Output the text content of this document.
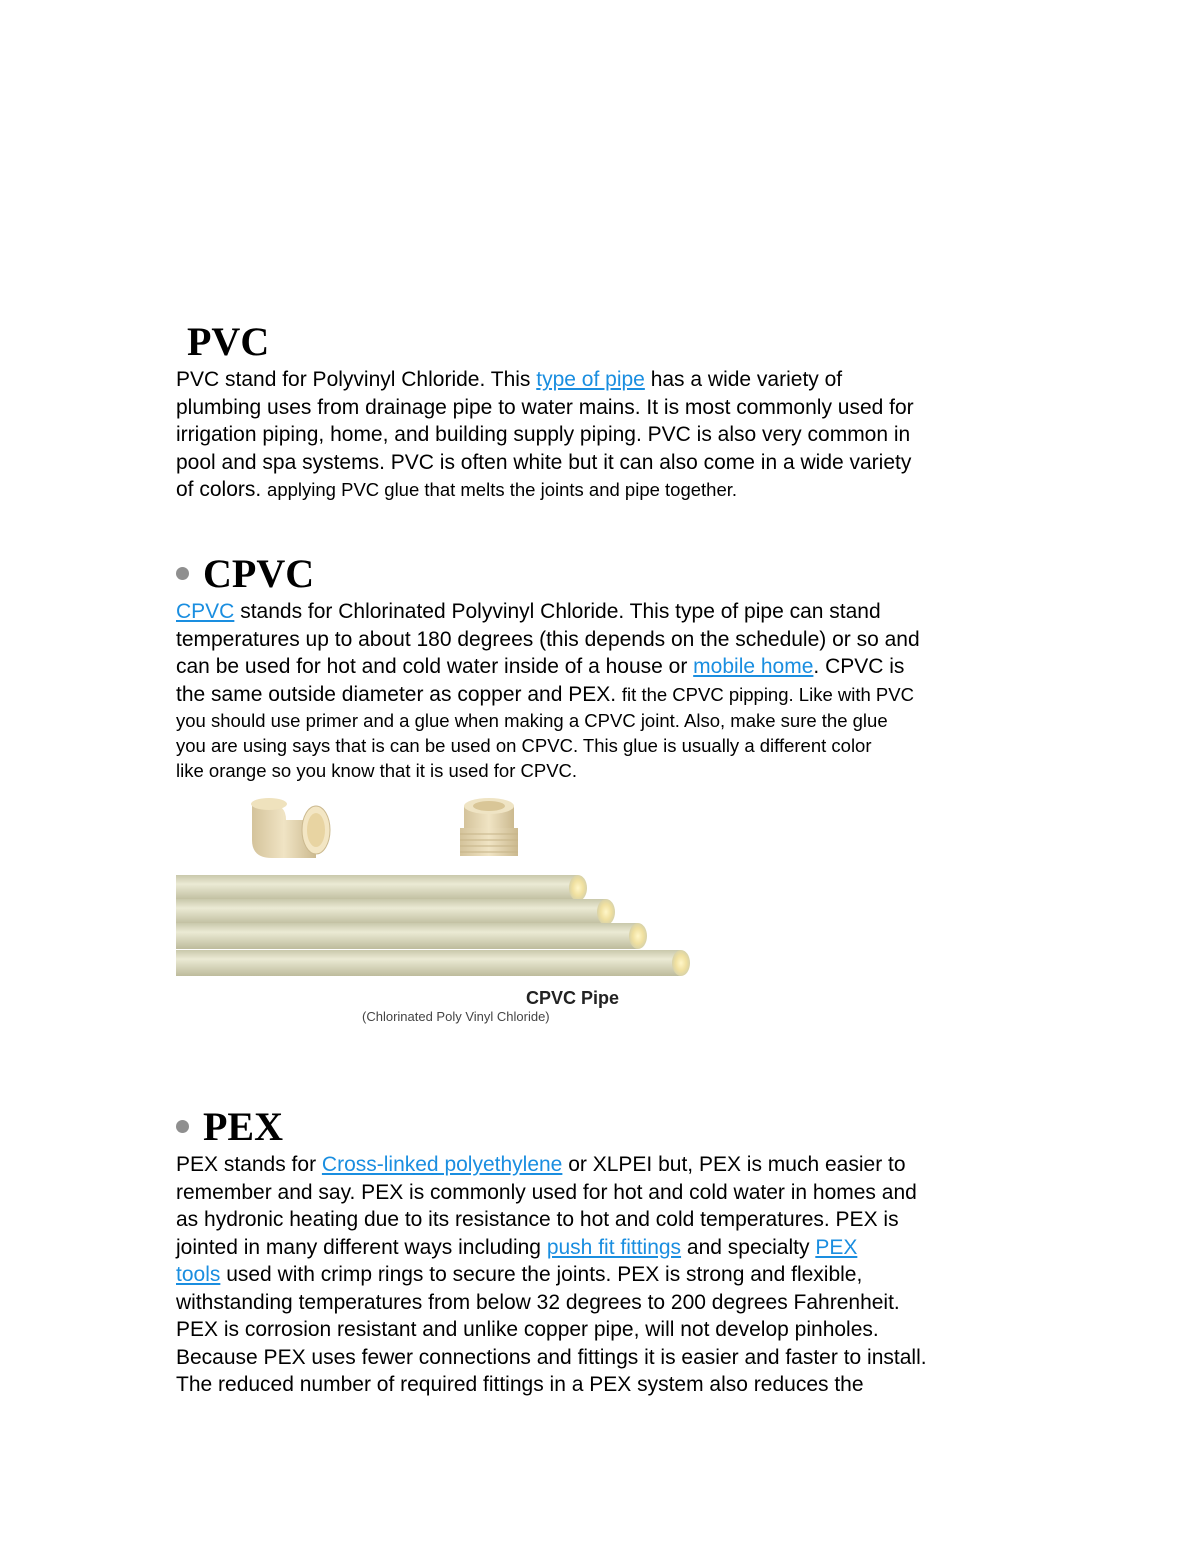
PVC
PVC stand for Polyvinyl Chloride. This type of pipe has a wide variety of
plumbing uses from drainage pipe to water mains. It is most commonly used for
irrigation piping, home, and building supply piping. PVC is also very common in
pool and spa systems. PVC is often white but it can also come in a wide variety
of colors. applying PVC glue that melts the joints and pipe together.
CPVC
CPVC stands for Chlorinated Polyvinyl Chloride. This type of pipe can stand
temperatures up to about 180 degrees (this depends on the schedule) or so and
can be used for hot and cold water inside of a house or mobile home. CPVC is
the same outside diameter as copper and PEX. fit the CPVC pipping. Like with PVC
you should use primer and a glue when making a CPVC joint. Also, make sure the glue
you are using says that is can be used on CPVC. This glue is usually a different color
like orange so you know that it is used for CPVC.
CPVC Pipe
(Chlorinated Poly Vinyl Chloride)
PEX
PEX stands for Cross-linked polyethylene or XLPEI but, PEX is much easier to
remember and say. PEX is commonly used for hot and cold water in homes and
as hydronic heating due to its resistance to hot and cold temperatures. PEX is
jointed in many different ways including push fit fittings and specialty PEX
tools used with crimp rings to secure the joints. PEX is strong and flexible,
withstanding temperatures from below 32 degrees to 200 degrees Fahrenheit.
PEX is corrosion resistant and unlike copper pipe, will not develop pinholes.
Because PEX uses fewer connections and fittings it is easier and faster to install.
The reduced number of required fittings in a PEX system also reduces the
